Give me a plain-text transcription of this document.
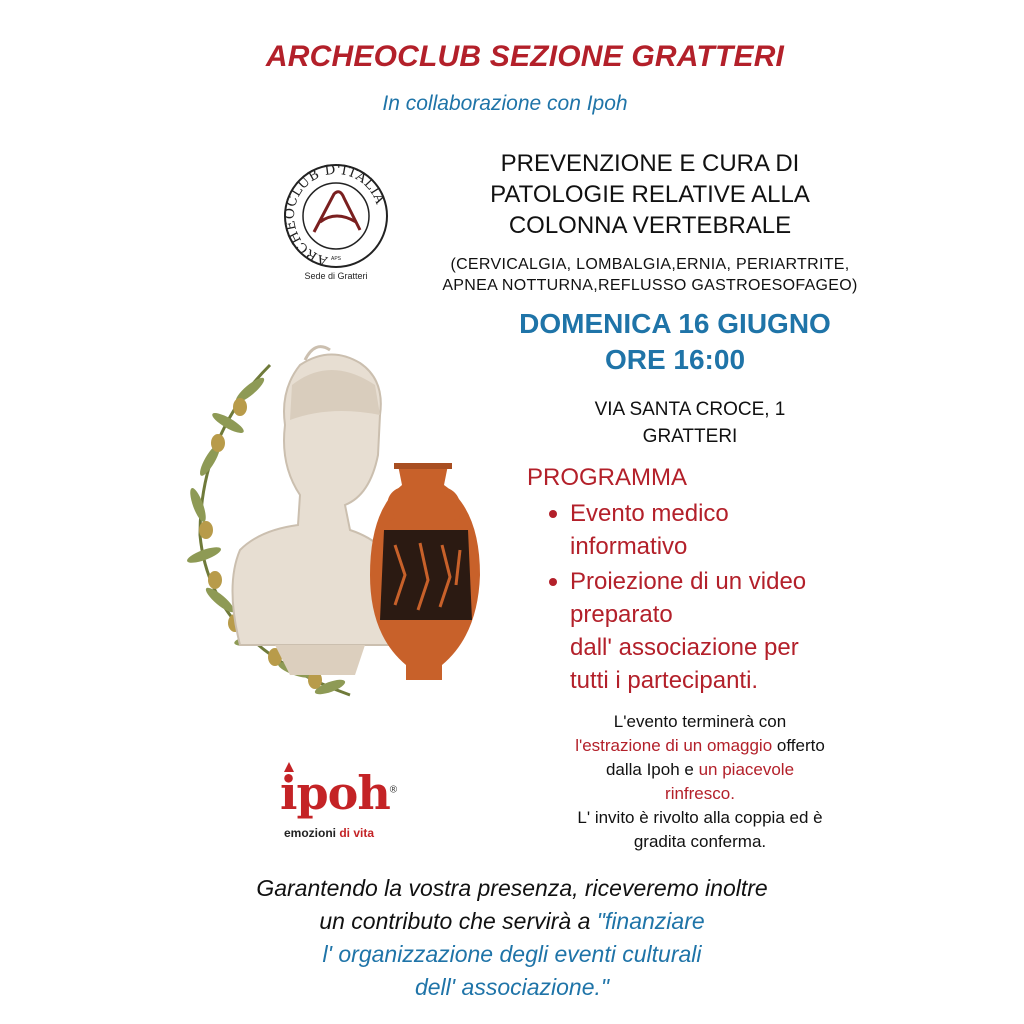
ARCHEOCLUB SEZIONE GRATTERI
In collaborazione con Ipoh
ARCHEOCLUB D'ITALIA
APS
Sede di Gratteri
PREVENZIONE E CURA DI
PATOLOGIE RELATIVE ALLA
COLONNA VERTEBRALE
(CERVICALGIA, LOMBALGIA,ERNIA, PERIARTRITE,
APNEA NOTTURNA,REFLUSSO GASTROESOFAGEO)
DOMENICA 16 GIUGNO
ORE 16:00
VIA SANTA CROCE, 1
GRATTERI
PROGRAMMA
Evento medico
informativo
Proiezione di un video
preparato
dall' associazione per
tutti i partecipanti.
L'evento terminerà con
l'estrazione di un omaggio offerto
dalla Ipoh e un piacevole
rinfresco.
L' invito è rivolto alla coppia ed è
gradita conferma.
ipoh®
emozioni di vita
Garantendo la vostra presenza, riceveremo inoltre
un contributo che servirà a "finanziare
l' organizzazione degli eventi culturali
dell' associazione."
